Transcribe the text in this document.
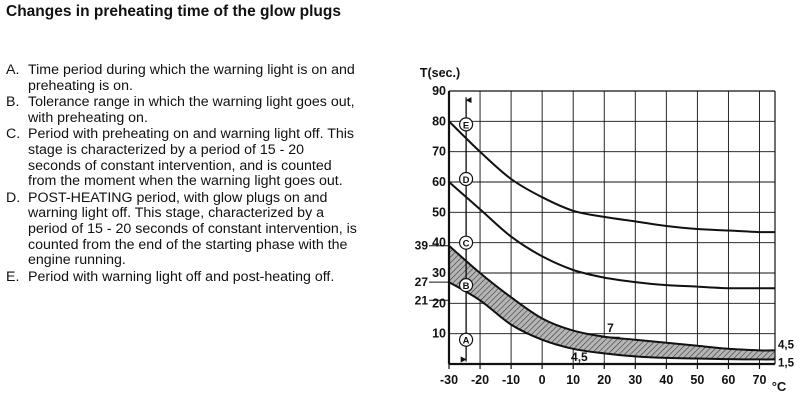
Changes in preheating time of the glow plugs
A. Time period during which the warning light is on and preheating is on.
B. Tolerance range in which the warning light goes out, with preheating on.
C. Period with preheating on and warning light off. This stage is characterized by a period of 15 - 20 seconds of constant intervention, and is counted from the moment when the warning light goes out.
D. POST-HEATING period, with glow plugs on and warning light off. This stage, characterized by a period of 15 - 20 seconds of constant intervention, is counted from the end of the starting phase with the engine running.
E. Period with warning light off and post-heating off.
10
20
30
40
50
60
70
80
90
-30 -20 -10 0 10 20 30 40 50 60 70
39
27
21
4,5
1,5
7
4,5
T(sec.)
°C
E
D
C
B
A
